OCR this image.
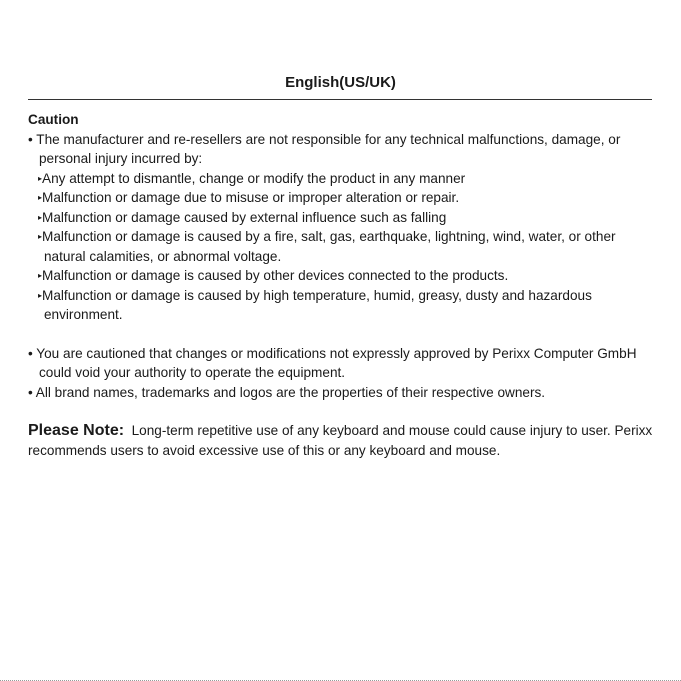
English(US/UK)
Caution
• The manufacturer and re-resellers are not responsible for any technical malfunctions, damage, or personal injury incurred by:
▸Any attempt to dismantle, change or modify the product in any manner
▸Malfunction or damage due to misuse or improper alteration or repair.
▸Malfunction or damage caused by external influence such as falling
▸Malfunction or damage is caused by a fire, salt, gas, earthquake, lightning, wind, water, or other natural calamities, or abnormal voltage.
▸Malfunction or damage is caused by other devices connected to the products.
▸Malfunction or damage is caused by high temperature, humid, greasy, dusty and hazardous environment.
• You are cautioned that changes or modifications not expressly approved by Perixx Computer GmbH could void your authority to operate the equipment.
• All brand names, trademarks and logos are the properties of their respective owners.
Please Note: Long-term repetitive use of any keyboard and mouse could cause injury to user. Perixx recommends users to avoid excessive use of this or any keyboard and mouse.
